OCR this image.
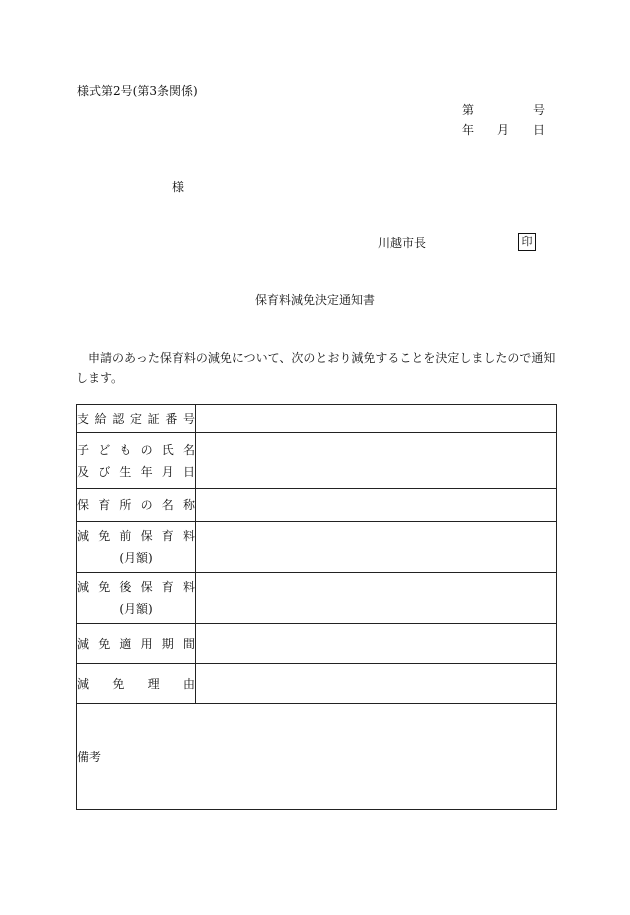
様式第2号(第3条関係)
第	号
年 月 日
様
川越市長	印
保育料減免決定通知書
申請のあった保育料の減免について、次のとおり減免することを決定しましたので通知します。
支給認定証番号	

子どもの氏名
及び生年月日	

保育所の名称	

減免前保育料
(月額)	

減免後保育料
(月額)	

減免適用期間	
減免理由	
備考	
